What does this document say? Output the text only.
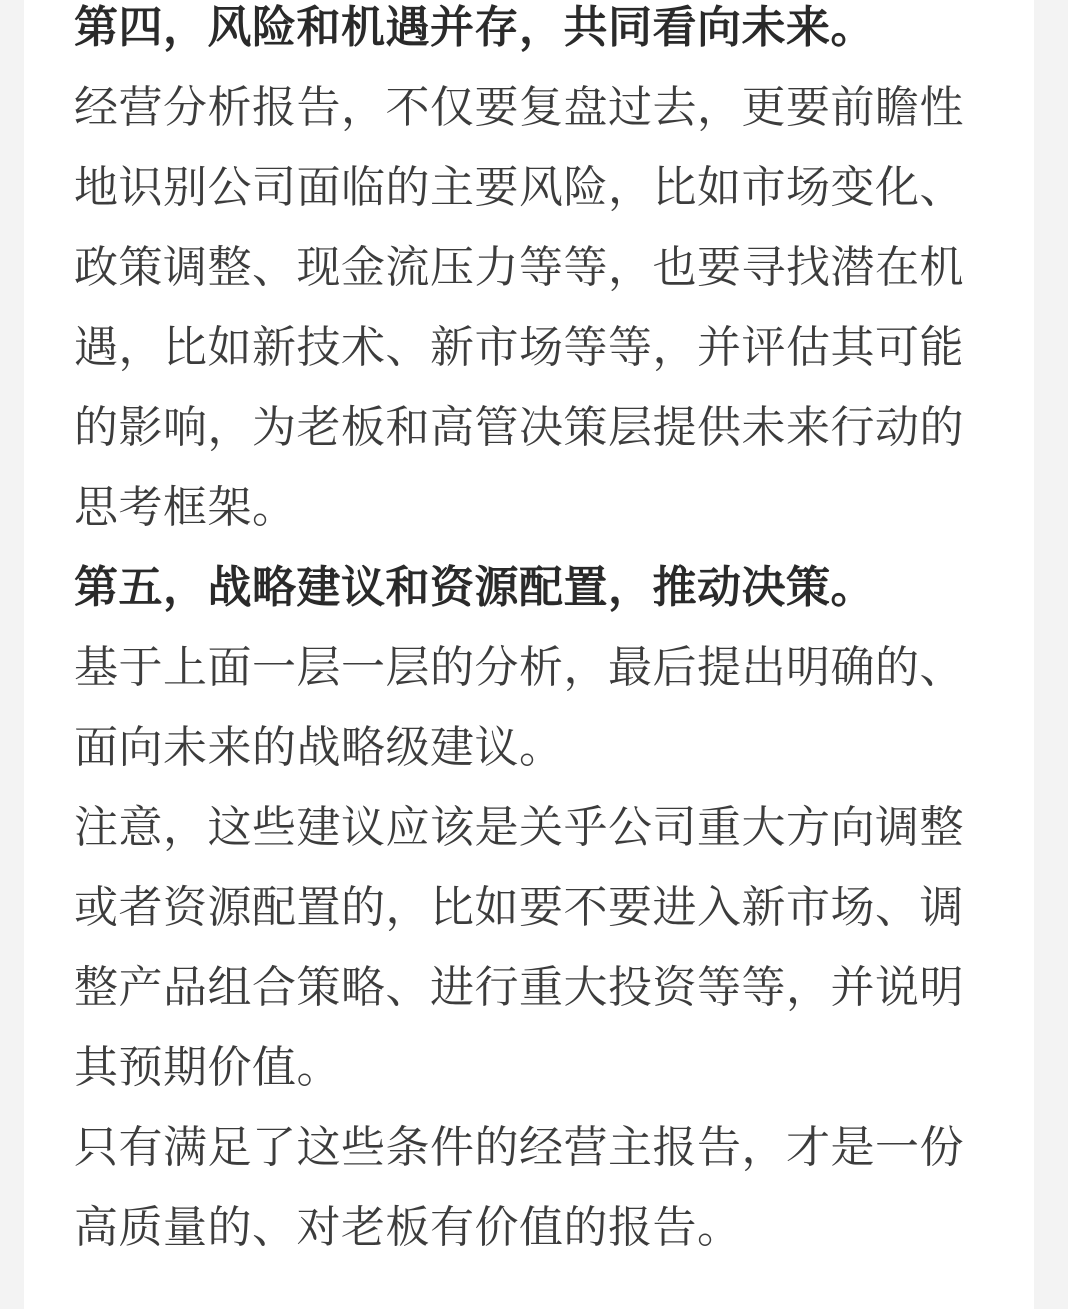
第四，风险和机遇并存，共同看向未来。
经营分析报告，不仅要复盘过去，更要前瞻性
地识别公司面临的主要风险，比如市场变化、
政策调整、现金流压力等等，也要寻找潜在机
遇，比如新技术、新市场等等，并评估其可能
的影响，为老板和高管决策层提供未来行动的
思考框架。
第五，战略建议和资源配置，推动决策。
基于上面一层一层的分析，最后提出明确的、
面向未来的战略级建议。
注意，这些建议应该是关乎公司重大方向调整
或者资源配置的，比如要不要进入新市场、调
整产品组合策略、进行重大投资等等，并说明
其预期价值。
只有满足了这些条件的经营主报告，才是一份
高质量的、对老板有价值的报告。
